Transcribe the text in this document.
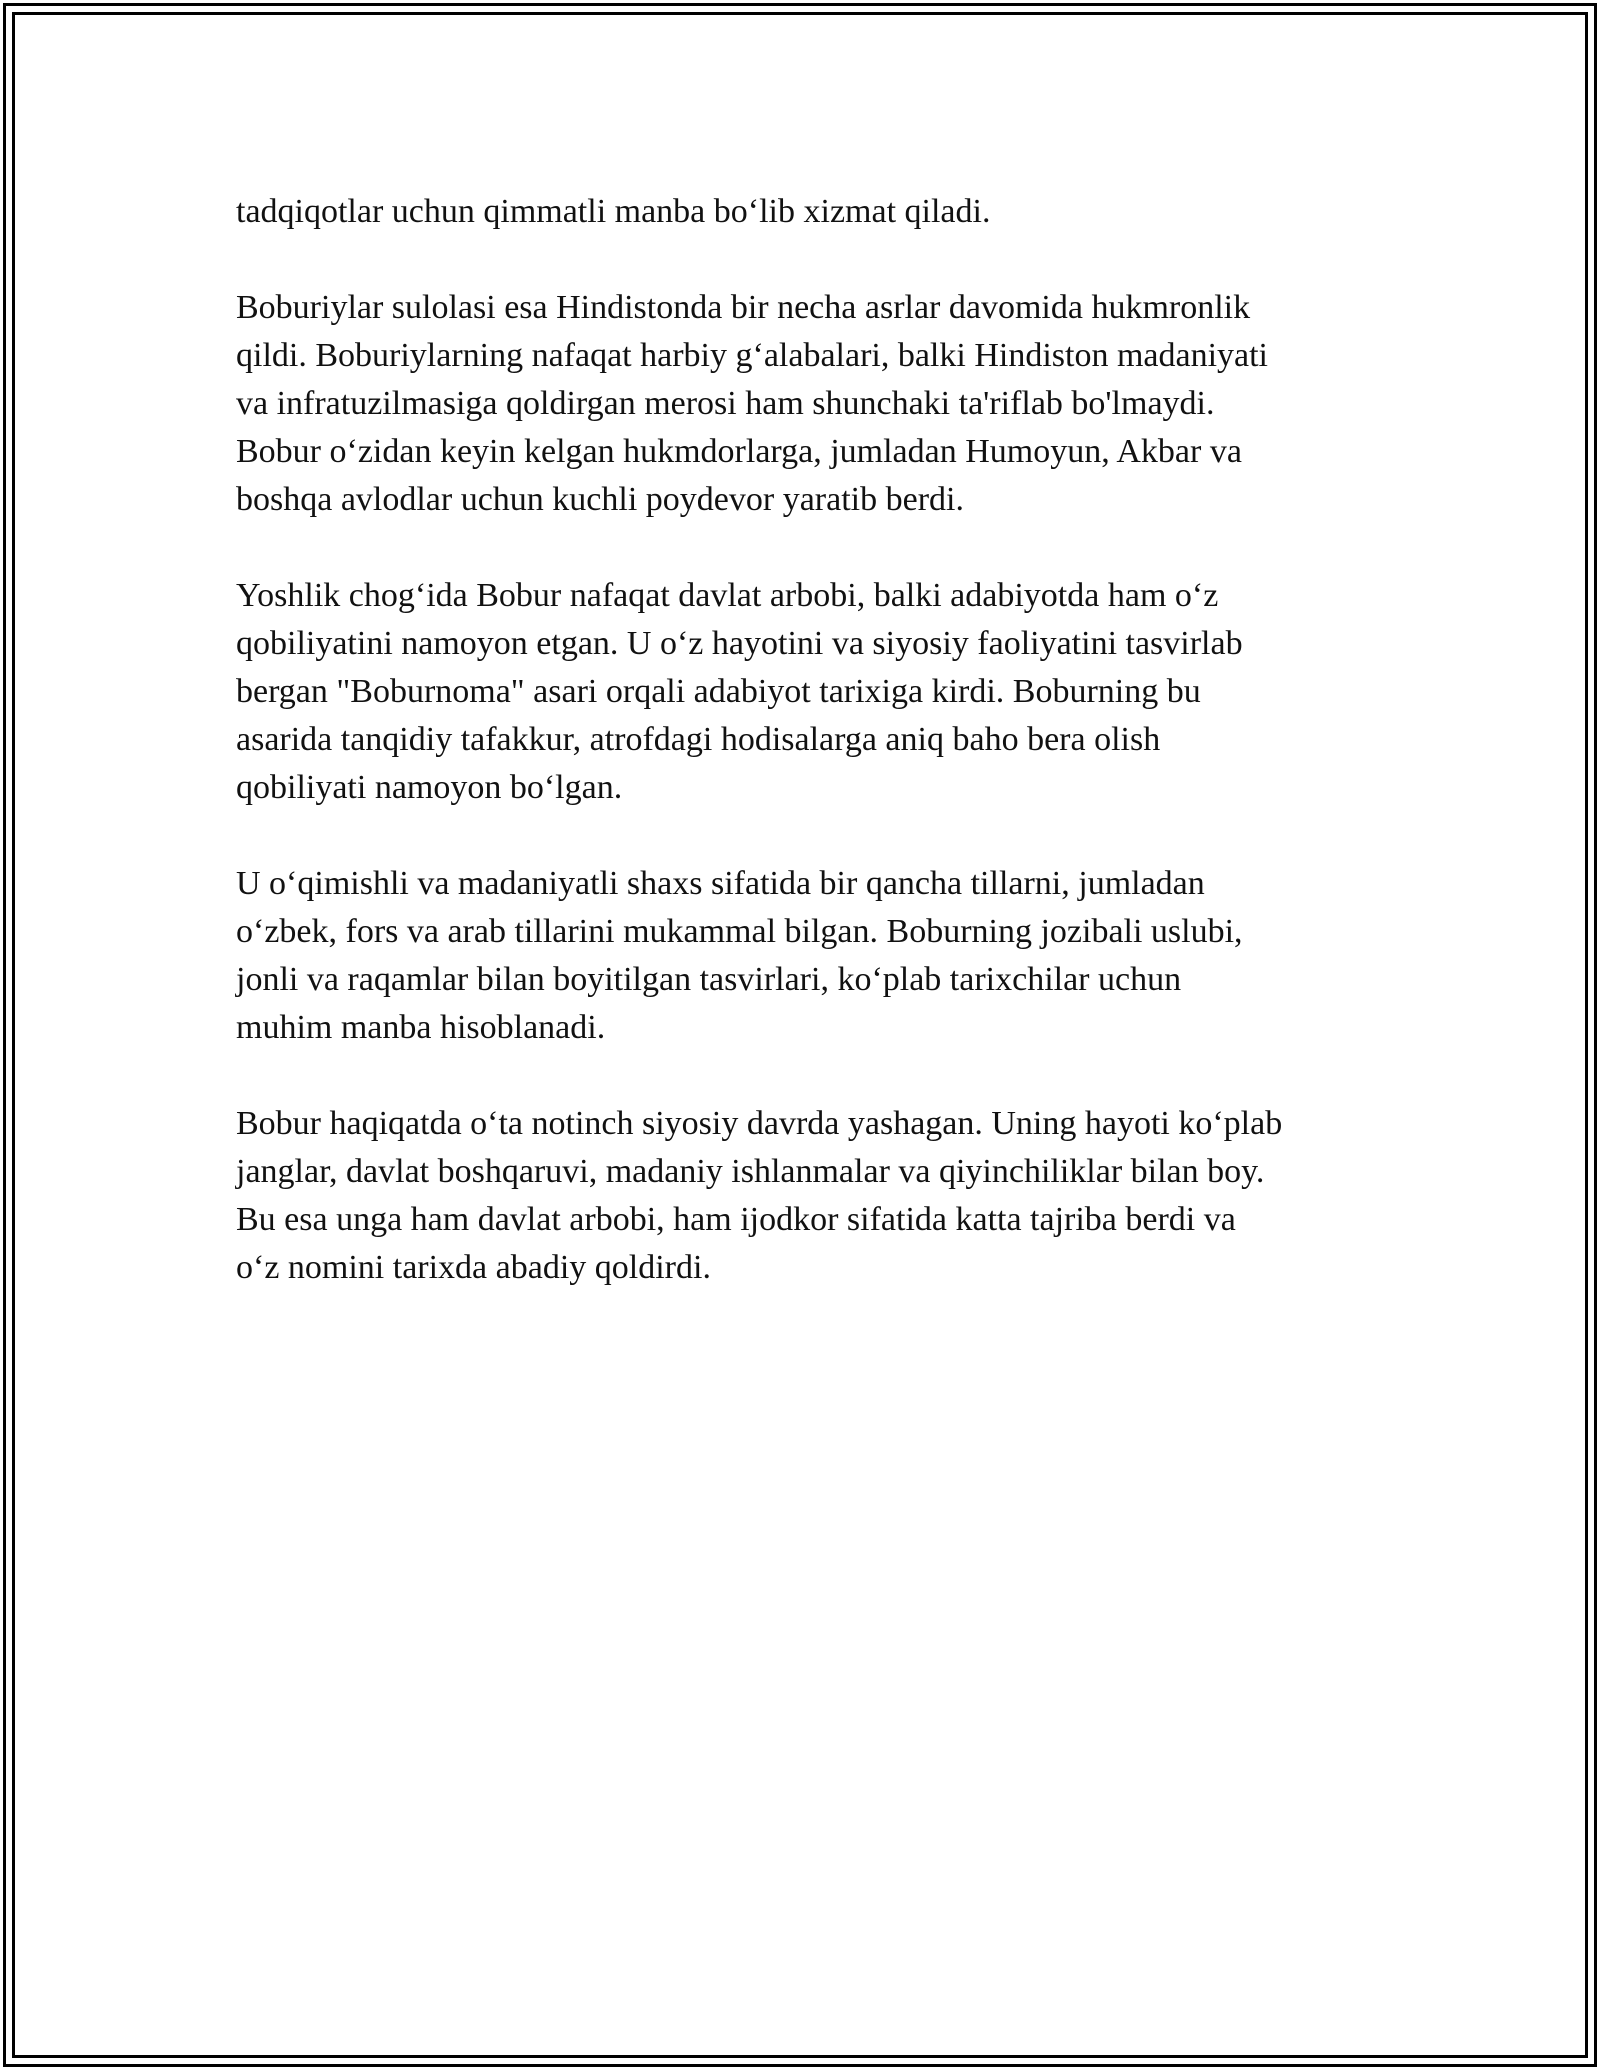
tadqiqotlar uchun qimmatli manba bo‘lib xizmat qiladi.

Boburiylar sulolasi esa Hindistonda bir necha asrlar davomida hukmronlik
qildi. Boburiylarning nafaqat harbiy g‘alabalari, balki Hindiston madaniyati
va infratuzilmasiga qoldirgan merosi ham shunchaki ta'riflab bo'lmaydi.
Bobur o‘zidan keyin kelgan hukmdorlarga, jumladan Humoyun, Akbar va
boshqa avlodlar uchun kuchli poydevor yaratib berdi.

Yoshlik chog‘ida Bobur nafaqat davlat arbobi, balki adabiyotda ham o‘z
qobiliyatini namoyon etgan. U o‘z hayotini va siyosiy faoliyatini tasvirlab
bergan "Boburnoma" asari orqali adabiyot tarixiga kirdi. Boburning bu
asarida tanqidiy tafakkur, atrofdagi hodisalarga aniq baho bera olish
qobiliyati namoyon bo‘lgan.

U o‘qimishli va madaniyatli shaxs sifatida bir qancha tillarni, jumladan
o‘zbek, fors va arab tillarini mukammal bilgan. Boburning jozibali uslubi,
jonli va raqamlar bilan boyitilgan tasvirlari, ko‘plab tarixchilar uchun
muhim manba hisoblanadi.

Bobur haqiqatda o‘ta notinch siyosiy davrda yashagan. Uning hayoti ko‘plab
janglar, davlat boshqaruvi, madaniy ishlanmalar va qiyinchiliklar bilan boy.
Bu esa unga ham davlat arbobi, ham ijodkor sifatida katta tajriba berdi va
o‘z nomini tarixda abadiy qoldirdi.
